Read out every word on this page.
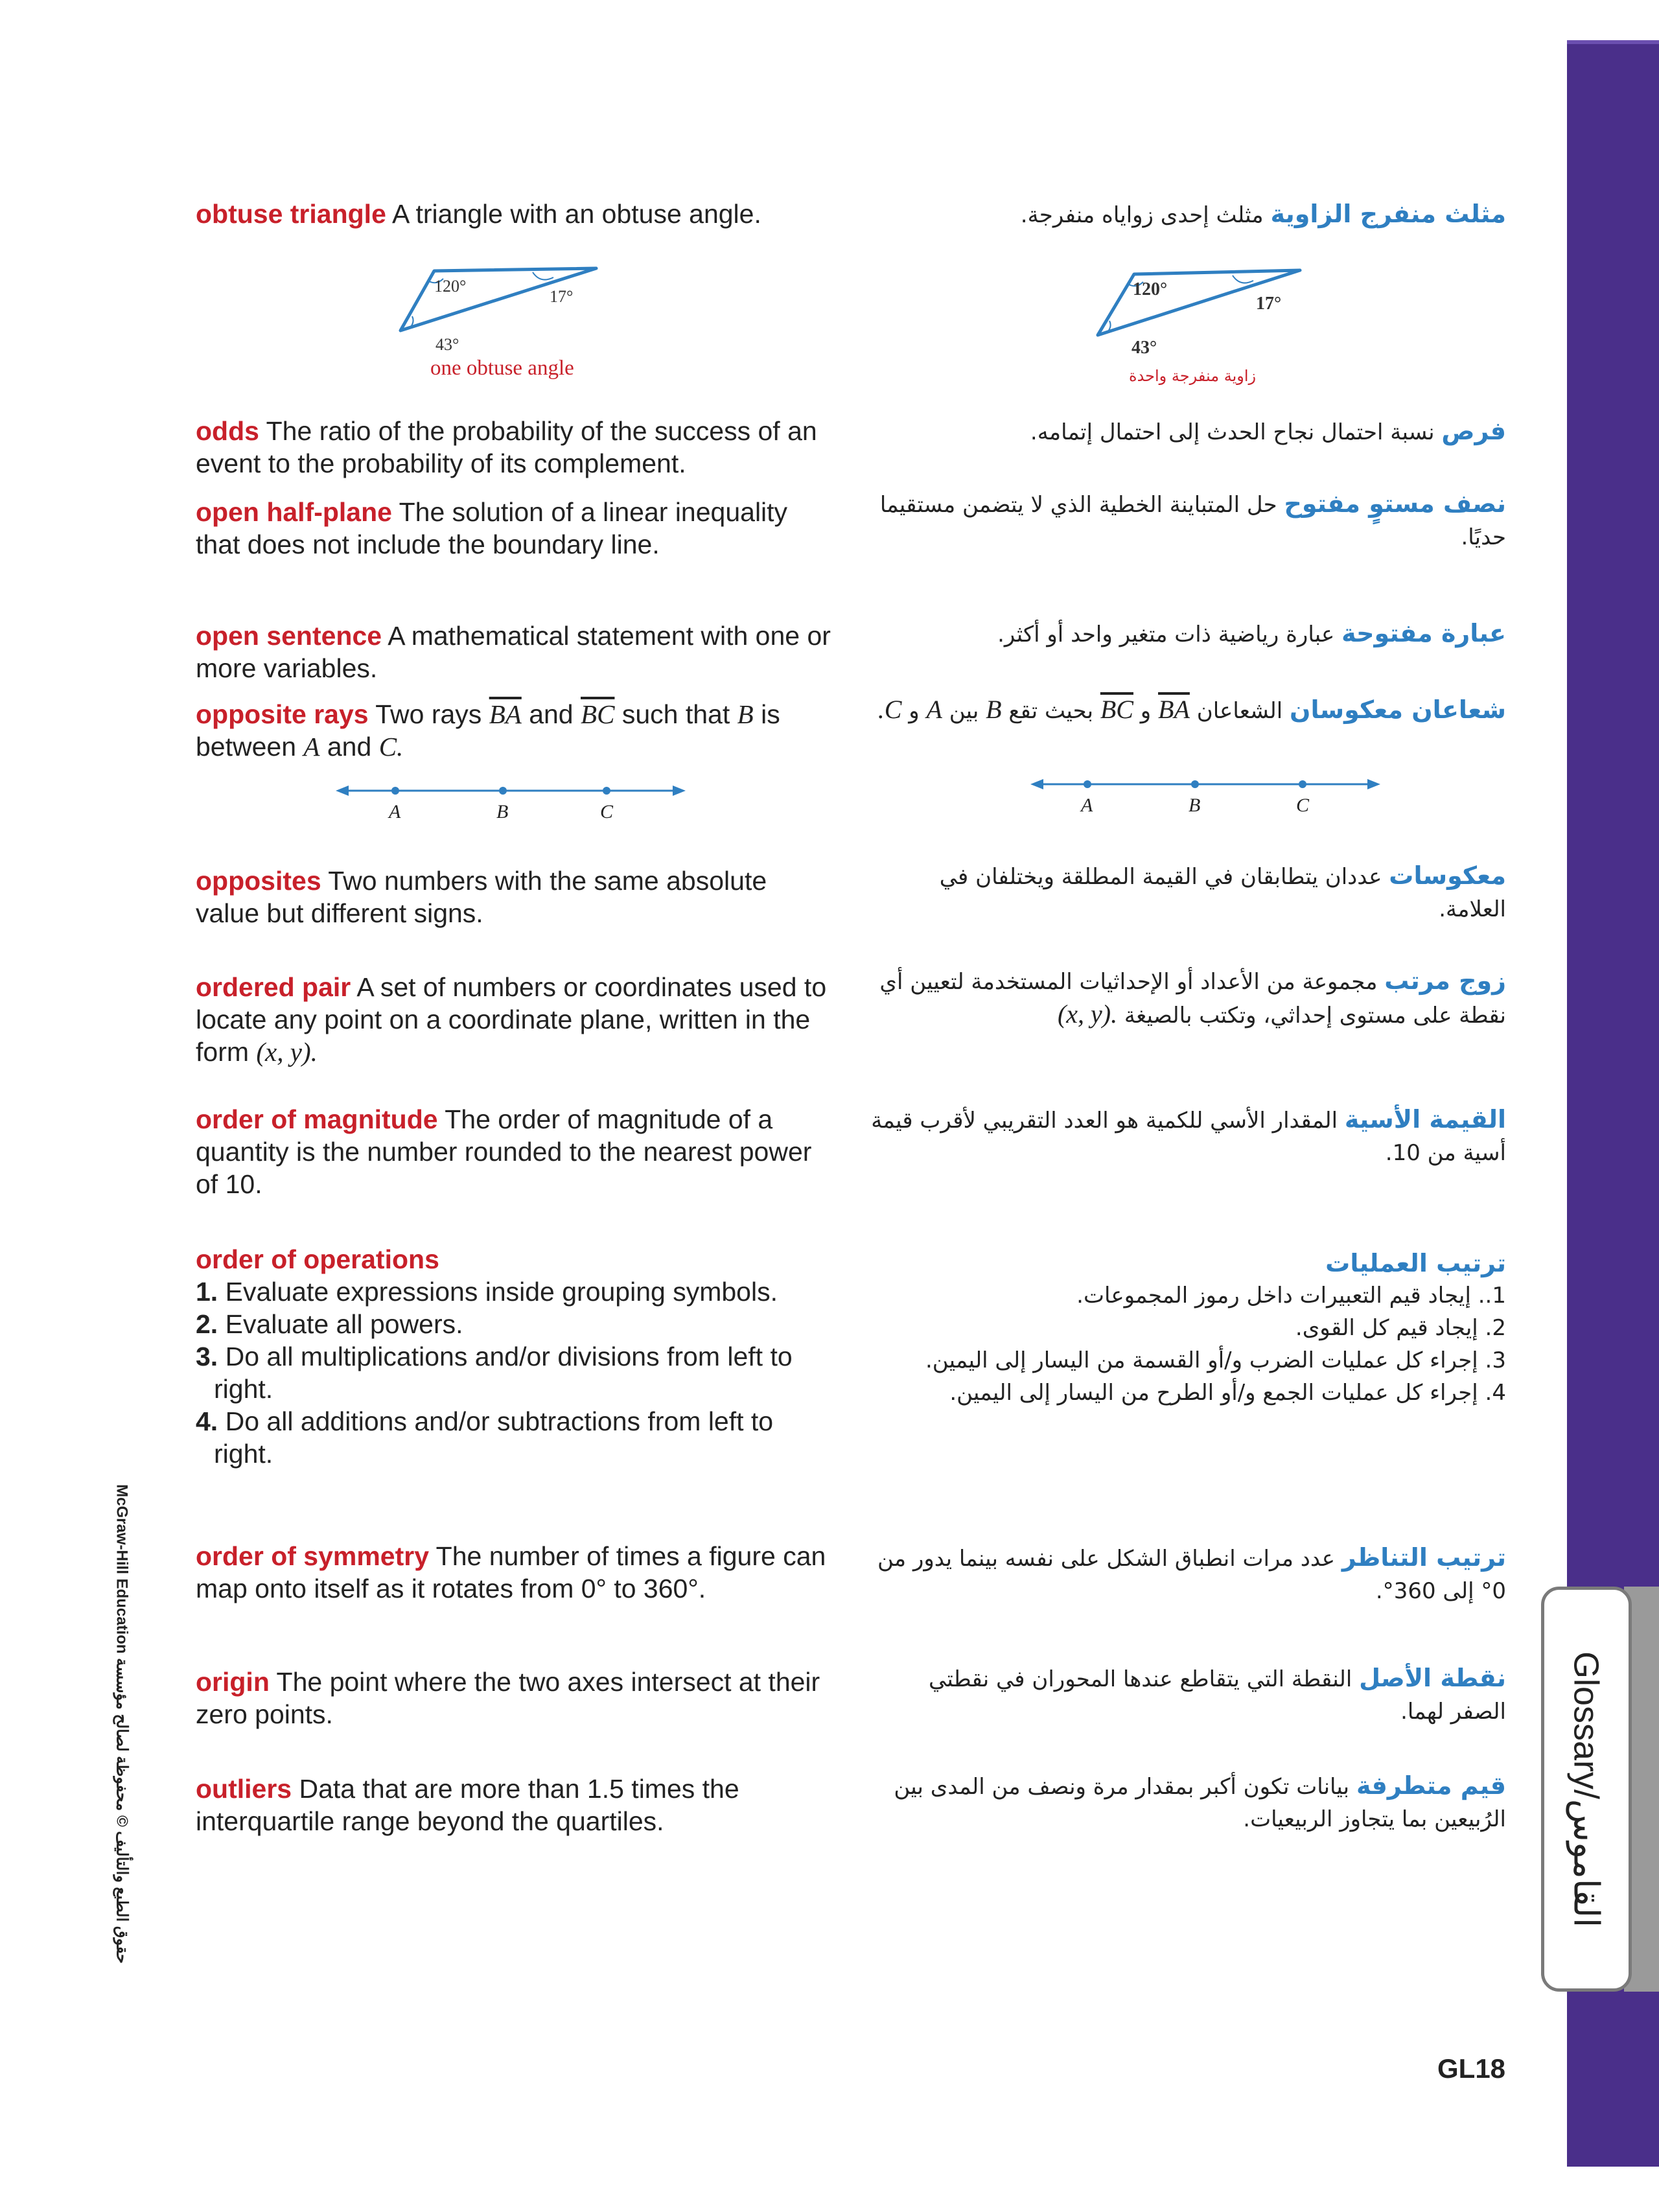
Glossary/القاموس
obtuse triangle A triangle with an obtuse angle.	مثلث منفرج الزاوية مثلث إحدى زواياه منفرجة.
120°
17°
43°
one obtuse angle
120°
17°
43°
زاوية منفرجة واحدة
odds The ratio of the probability of the success of an event to the probability of its complement.
فرص نسبة احتمال نجاح الحدث إلى احتمال إتمامه.
open half-plane The solution of a linear inequality that does not include the boundary line.
نصف مستوٍ مفتوح حل المتباينة الخطية الذي لا يتضمن مستقيما حديًا.
open sentence A mathematical statement with one or more variables.
عبارة مفتوحة عبارة رياضية ذات متغير واحد أو أكثر.
opposite rays Two rays $\overline{BA}$ and $\overline{BC}$ such that B is between A and C.
شعاعان معكوسان الشعاعان BA و BC بحيث تقع B بين A و C.
A	B	C	A	B	C
opposites Two numbers with the same absolute value but different signs.
معكوسات عددان يتطابقان في القيمة المطلقة ويختلفان في العلامة.
ordered pair A set of numbers or coordinates used to locate any point on a coordinate plane, written in the form (x, y).
زوج مرتب مجموعة من الأعداد أو الإحداثيات المستخدمة لتعيين أي نقطة على مستوى إحداثي، وتكتب بالصيغة .(x, y)
order of magnitude The order of magnitude of a quantity is the number rounded to the nearest power of 10.
القيمة الأسية المقدار الأسي للكمية هو العدد التقريبي لأقرب قيمة أسية من 10.
order of operations
1. Evaluate expressions inside grouping symbols.
2. Evaluate all powers.
3. Do all multiplications and/or divisions from left to right.
4. Do all additions and/or subtractions from left to right.
ترتيب العمليات
1.. إيجاد قيم التعبيرات داخل رموز المجموعات.
2. إيجاد قيم كل القوى.
3. إجراء كل عمليات الضرب و/أو القسمة من اليسار إلى اليمين.
4. إجراء كل عمليات الجمع و/أو الطرح من اليسار إلى اليمين.
order of symmetry The number of times a figure can map onto itself as it rotates from 0° to 360°.
ترتيب التناظر عدد مرات انطباق الشكل على نفسه بينما يدور من 0° إلى 360°.
origin The point where the two axes intersect at their zero points.
نقطة الأصل النقطة التي يتقاطع عندها المحوران في نقطتي الصفر لهما.
outliers Data that are more than 1.5 times the interquartile range beyond the quartiles.
قيم متطرفة بيانات تكون أكبر بمقدار مرة ونصف من المدى بين الرُبيعين بما يتجاوز الربيعيات.
McGraw-Hill Education حقوق الطبع والتأليف © محفوظة لصالح مؤسسة
GL18
